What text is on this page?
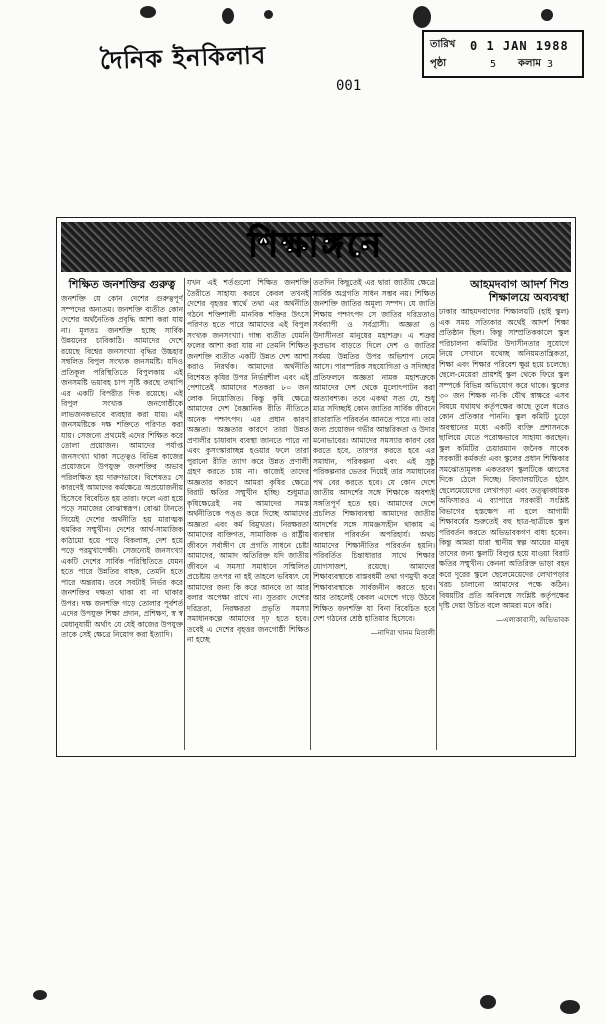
দৈনিক ইনকিলাব
001
তারিখ	0 1 JAN 1988
পৃষ্ঠা	5 কলাম 3
শিক্ষাঙ্গনে
শিক্ষিত জনশক্তির গুরুত্ব

জনশক্তি যে কোন দেশের গুরুত্বপূর্ণ সম্পদের অন্যতম। জনশক্তি ব্যতীত কোন দেশের অর্থনৈতিক প্রবৃদ্ধি আশা করা যায় না। মূলতঃ জনশক্তি হচ্ছে সার্বিক উন্নয়নের চাবিকাঠি। আমাদের দেশে রয়েছে বিশ্বের জনসংখ্যা বৃদ্ধির উচ্চহার সম্বলিত বিপুল সংখ্যক জনসমষ্টি। যদিও প্রতিকূল পরিস্থিতিতে বিপুলকায় এই জনসমষ্টি ভয়াবহ চাপ সৃষ্টি করছে তথাপি এর একটি বিপরীত দিক রয়েছে। এই বিপুল সংখ্যক জনগোষ্ঠীকে লাভজনকভাবে ব্যবহার করা যায়। এই জনসমষ্টিকে দক্ষ শক্তিতে পরিণত করা যায়। সেজন্যে প্রথমেই এদের শিক্ষিত করে তোলা প্রয়োজন। আমাদের পর্যাপ্ত জনসংখ্যা থাকা সত্ত্বেও বিভিন্ন কাজের প্রয়োজনে উপযুক্ত জনশক্তির অভাব পরিলক্ষিত হয় দারুণভাবে। বিশেষতঃ সে কারণেই আমাদের কর্মক্ষেত্রে অপ্রয়োজনীয় হিসেবে বিবেচিত হয় তারা। ফলে এরা হয়ে পড়ে সমাজের বোঝাস্বরূপ। বোঝা টানতে গিয়েই দেশের অর্থনীতি হয় মারাত্মক হুমকির সম্মুখীন। দেশের আর্থ-সামাজিক কাঠামো হয়ে পড়ে বিকলাঙ্গ, দেশ হয়ে পড়ে পরমুখাপেক্ষী। সেজন্যেই জনসংখ্যা একটি দেশের সার্বিক পরিস্থিতিতে যেমন হতে পারে উন্নতির বাহক, তেমনি হতে পারে অন্তরায়। তবে সবটাই নির্ভর করে জনশক্তির দক্ষতা থাকা বা না থাকার উপর। দক্ষ জনশক্তি গড়ে তোলার পূর্বশর্ত এদের উপযুক্ত শিক্ষা প্রদান, প্রশিক্ষণ, স্ব স্ব মেধানুযায়ী অর্থাৎ যে যেই কাজের উপযুক্ত তাকে সেই ক্ষেত্রে নিয়োগ করা ইত্যাদি।

যখন এই শর্তগুলো শিক্ষিত জনশক্তি তৈরীতে সাহায্য করবে কেবল তখনই দেশের বৃহত্তর স্বার্থে তথা এর অর্থনীতি গঠনে শক্তিশালী মানবিক শক্তির উৎসে পরিণত হতে পারে আমাদের এই বিপুল সংখ্যক জনসংখ্যা। গান্ধ ব্যতীত যেমনি ফলের আশা করা যায় না তেমনি শিক্ষিত জনশক্তি ব্যতীত একটি উন্নত দেশ আশা করাও নিরর্থক। আমাদের অর্থনীতি বিশেষত কৃষির উপর নির্ভরশীল এবং এই পেশাতেই আমাদের শতকরা ৮০ জন লোক নিয়োজিত। কিন্তু কৃষি ক্ষেত্রে আমাদের দেশ বৈজ্ঞানিক রীতি নীতিতে অনেক পশ্চাৎপদ। এর প্রধান কারণ অজ্ঞতা। অজ্ঞতার কারণে তারা উন্নত প্রণালীর চাষাবাদ ব্যবস্থা জানতে পারে না এবং কুসংস্কারাচ্ছন্ন হওয়ার ফলে তারা পুরানো রীতি ত্যাগ করে উন্নত প্রণালী গ্রহণ করতে চায় না। কাজেই তাদের অজ্ঞতার কারণে আমরা কৃষির ক্ষেত্রে বিরাট ক্ষতির সম্মুখীন হচ্ছি। শুধুমাত্র কৃষিক্ষেত্রেই নয় আমাদের সমস্ত অর্থনীতিকে পঙ্গু করে দিচ্ছে আমাদের অজ্ঞতা এবং কর্ম বিমুখতা। নিরক্ষরতা আমাদের ব্যক্তিগত, সামাজিক ও রাষ্ট্রীয় জীবনে সর্বাঙ্গীণ যে প্রগতি সাধনে চেষ্টা আমাদের, আমাদ অতিরিক্ত যদি জাতীয় জীবনে এ সমস্যা সমাধানে সম্মিলিত প্রচেষ্টায় তৎপর না হই তাহলে ভবিষ্যৎ যে আমাদের জন্য কি করে আনবে তা আর বলার অপেক্ষা রাখে না। সুতরাং দেশের দরিদ্রতা, নিরক্ষরতা প্রভৃতি সমস্যা সমাধানকল্পে আমাদের দৃঢ় হতে হবে। তবেই এ দেশের বৃহত্তর জনগোষ্ঠী শিক্ষিত না হচ্ছে

ততদিন কিছুতেই এর দ্বারা জাতীয় ক্ষেত্রে সার্বিক অগ্রগতি সাধন সম্ভব নয়। শিক্ষিত জনশক্তি জাতির অমূল্য সম্পদ। যে জাতি শিক্ষায় পশ্চাৎপদ সে জাতির দরিদ্রতাও সর্বব্যাপী ও সর্বগ্রাসী। অজ্ঞতা ও উদাসীনতা মানুষের মহাশত্রু। এ শত্রুর কুপ্রভাব বাড়তে দিলে দেশ ও জাতির সর্বময় উন্নতির উপর অভিশাপ নেমে আসে। পারস্পরিক সহযোগিতা ও সদিচ্ছার প্রতিফলনে অজ্ঞতা নামক মহাশত্রুকে আমাদের দেশ থেকে মূলোৎপাটন করা অত্যাবশ্যক। তবে একথা সত্য যে, শুধু মাত্র সদিচ্ছাই কোন জাতির সার্বিক জীবনে রাতারাতি পরিবর্তন আনতে পারে না। তার জন্য প্রয়োজন গভীর আন্তরিকতা ও উদার মনোভাবের। আমাদের সমস্যার কারণ বের করতে হবে, তারপর করতে হবে এর সমাধান, পরিকল্পনা এবং এই সুষ্ঠু পরিকল্পনার ভেতর দিয়েই তার সমাধানের পথ বের করতে হবে। যে কোন দেশে জাতীয় আদর্শের সঙ্গে শিক্ষাকে অবশ্যই সঙ্গতিপূর্ণ হতে হয়। আমাদের দেশে প্রচলিত শিক্ষাব্যবস্থা আমাদের জাতীয় আদর্শের সঙ্গে সামঞ্জস্যহীন থাকায় এ ব্যবস্থার পরিবর্তন অপরিহার্য। অথচ আমাদের শিক্ষানীতির পরিবর্তন হয়নি। পরিবর্তিত চিন্তাধারার সাথে শিক্ষার যোগসাজশ, রয়েছে। আমাদের শিক্ষাব্যবস্থাকে বাস্তবধর্মী তথা গণমুখী করে শিক্ষাব্যবস্থাকে সার্বজনীন করতে হবে। আর তাহলেই কেবল এদেশে গড়ে উঠবে শিক্ষিত জনশক্তি যা বিনা বিবেচিত হবে দেশ গঠনের শ্রেষ্ঠ হাতিয়ার হিসেবে।

—নাদিরা খানম মিতালী
আহমদবাগ আদর্শ শিশু শিক্ষালয়ে অব্যবস্থা

ঢাকার আহমদবাগের শিক্ষালয়টি (হাই স্কুল) এক সময় সত্যিকার অর্থেই আদর্শ শিক্ষা প্রতিষ্ঠান ছিল। কিন্তু সাম্প্রতিককালে স্কুল পরিচালনা কমিটির উদাসীনতার সুযোগে নিয়ে সেখানে যথেচ্ছ অনিয়মতান্ত্রিকতা, শিক্ষা এবং শিক্ষার পরিবেশ ক্ষুণ্ণ হয়ে চলেছে। ছেলে-মেয়েরা প্রায়শই স্কুল থেকে ফিরে স্কুল সম্পর্কে বিভিন্ন অভিযোগ করে থাকে। স্কুলের ৩০ জন শিক্ষক না-কি যৌথ স্বাক্ষরে এসব বিষয়ে যথাযথ কর্তৃপক্ষের কাছে তুলে ধরেও কোন প্রতিকার পাননি। স্কুল কমিটি চুড়ো অবস্থানের মধ্যে একটি ব্যক্তি প্রশাসনকে ছালিয়ে যেতে পরোক্ষভাবে সাহায্য করছেন। স্কুল কমিটির চেয়ারম্যান জনৈক সাবেক সরকারী কর্মকর্তা এবং স্কুলের প্রধান শিক্ষিকার সমঝোতামূলক একতরফা স্কুলটিকে ধ্বংসের দিকে ঠেলে দিচ্ছে। বিদ্যালয়টিতে হঠাৎ ছেলেমেয়েদের লেখাপড়া এবং তত্ত্বাবধায়ক অফিসারও এ ব্যাপারে সরকারী সংশ্লিষ্ট বিভাগের হস্তক্ষেপ না হলে আগামী শিক্ষাবর্ষের শুরুতেই বহু ছাত্র-ছাত্রীকে স্কুল পরিবর্তন করতে অভিভাবকগণ বাধ্য হবেন। কিন্তু আমরা যারা স্থানীয় স্বল্প আয়ের মানুষ তাদের জন্য স্কুলটি বিলুপ্ত হয়ে যাওয়া বিরাট ক্ষতির সম্মুখীন। কেননা অতিরিক্ত ভাড়া বহন করে দূরের স্কুলে ছেলেমেয়েদের লেখাপড়ার খরচ চালানো আমাদের পক্ষে কঠিন। বিষয়টির প্রতি অবিলম্বে সংশ্লিষ্ট কর্তৃপক্ষের দৃষ্টি দেয়া উচিত বলে আমরা মনে করি।

—এলাকাবাসী, অভিভাবক
